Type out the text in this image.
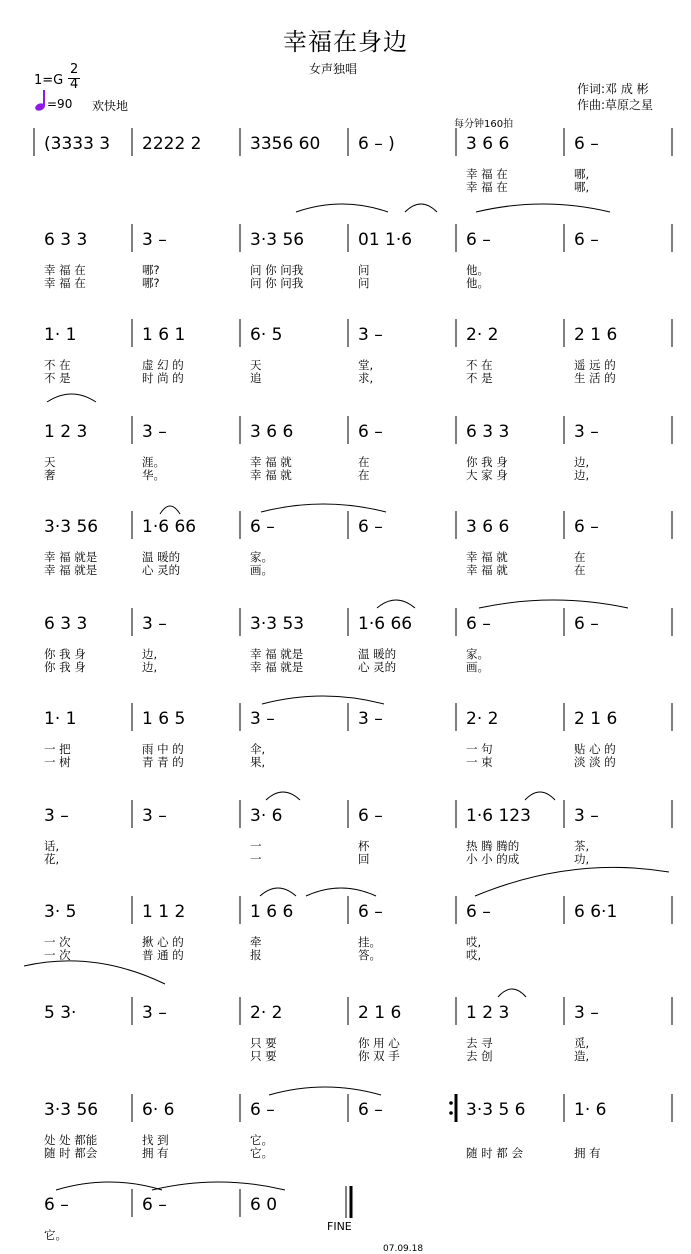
幸福在身边
女声独唱
1=G
2
4
=90 欢快地
作词:邓 成 彬
作曲:草原之星
每分钟160拍
(3333 3 2222 2	3356 60 6 – )	3 6 6
幸 福 在
幸 福 在
6 –
哪,
哪,
6 3 3
幸 福 在
幸 福 在
3 –
哪?
哪?
3·3 56
问 你 问我
问 你 问我
01 1·6
问
问
6 –
他。
他。
6 –
1· 1
不 在
不 是
1 6 1
虚 幻 的
时 尚 的
6· 5
天
追
3 –
堂,
求,
2· 2
不 在
不 是
2 1 6
遥 远 的
生 活 的
1 2 3
天
奢
3 –
涯。
华。
3 6 6
幸 福 就
幸 福 就
6 –
在
在
6 3 3
你 我 身
大 家 身
3 –
边,
边,
3·3 56
幸 福 就是
幸 福 就是
1·6 66
温 暖的
心 灵的
6 –
家。
画。
6 –	3 6 6
幸 福 就
幸 福 就
6 –
在
在
6 3 3
你 我 身
你 我 身
3 –
边,
边,
3·3 53
幸 福 就是
幸 福 就是
1·6 66
温 暖的
心 灵的
6 –
家。
画。
6 –
1· 1
一 把
一 树
1 6 5
雨 中 的
青 青 的
3 –
伞,
果,
3 –	2· 2
一 句
一 束
2 1 6
贴 心 的
淡 淡 的
3 –
话,
花,
3 –	3· 6
一
一
6 –
杯
回
1·6 123
热 腾 腾的
小 小 的成
3 –
茶,
功,
3· 5
一 次
一 次
1 1 2
揪 心 的
普 通 的
1 6 6
牵
报
6 –
挂。
答。
6 –
哎,
哎,
6 6·1
5 3·	3 –	2· 2
只 要
只 要
2 1 6
你 用 心
你 双 手
1 2 3
去 寻
去 创
3 –
觅,
造,
3·3 56
处 处 都能
随 时 都会
6· 6
找 到
拥 有
6 –
它。
它。
6 –	3·3 5 6
随 时 都 会
1· 6
拥 有
6 –
它。
6 –	6 0
FINE
07.09.18
